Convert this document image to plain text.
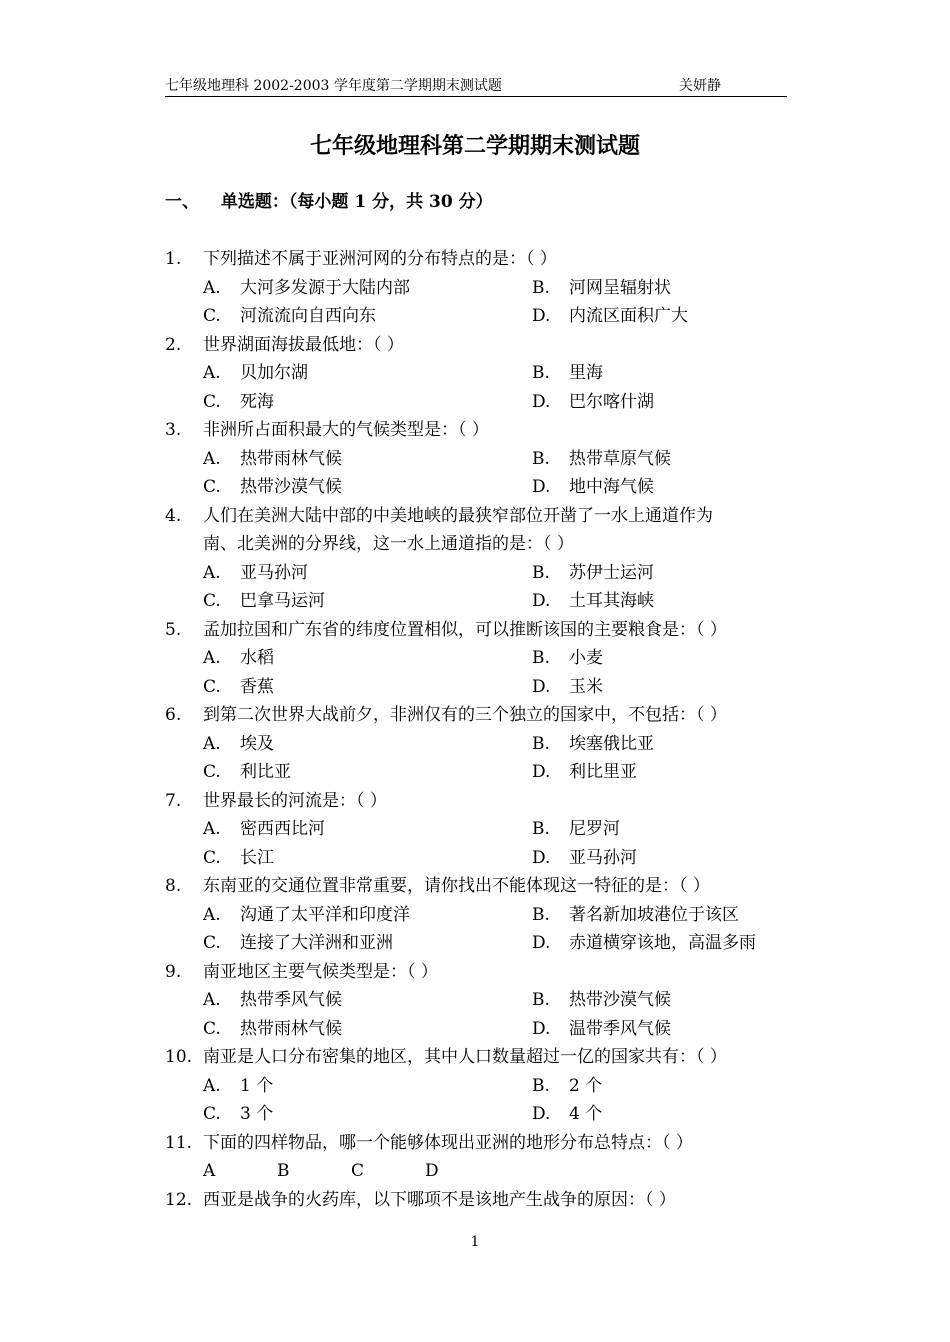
七年级地理科 2002-2003 学年度第二学期期末测试题	关妍静
七年级地理科第二学期期末测试题
一、 单选题：（每小题 1 分，共 30 分）
1. 下列描述不属于亚洲河网的分布特点的是：（ ）
A. 大河多发源于大陆内部	B. 河网呈辐射状
C. 河流流向自西向东	D. 内流区面积广大
2. 世界湖面海拔最低地：（ ）
A. 贝加尔湖	B. 里海
C. 死海	D. 巴尔喀什湖
3. 非洲所占面积最大的气候类型是：（ ）
A. 热带雨林气候	B. 热带草原气候
C. 热带沙漠气候	D. 地中海气候
4. 人们在美洲大陆中部的中美地峡的最狭窄部位开凿了一水上通道作为
南、北美洲的分界线，这一水上通道指的是：（ ）
A. 亚马孙河	B. 苏伊士运河
C. 巴拿马运河	D. 土耳其海峡
5. 孟加拉国和广东省的纬度位置相似，可以推断该国的主要粮食是：（ ）
A. 水稻	B. 小麦
C. 香蕉	D. 玉米
6. 到第二次世界大战前夕，非洲仅有的三个独立的国家中，不包括：（ ）
A. 埃及	B. 埃塞俄比亚
C. 利比亚	D. 利比里亚
7. 世界最长的河流是：（ ）
A. 密西西比河	B. 尼罗河
C. 长江	D. 亚马孙河
8. 东南亚的交通位置非常重要，请你找出不能体现这一特征的是：（ ）
A. 沟通了太平洋和印度洋	B. 著名新加坡港位于该区
C. 连接了大洋洲和亚洲	D. 赤道横穿该地，高温多雨
9. 南亚地区主要气候类型是：（ ）
A. 热带季风气候	B. 热带沙漠气候
C. 热带雨林气候	D. 温带季风气候
10. 南亚是人口分布密集的地区，其中人口数量超过一亿的国家共有：（ ）
A. 1 个	B. 2 个
C. 3 个	D. 4 个
11. 下面的四样物品，哪一个能够体现出亚洲的地形分布总特点：（ ）
A	B	C	D
12. 西亚是战争的火药库，以下哪项不是该地产生战争的原因：（ ）
1
